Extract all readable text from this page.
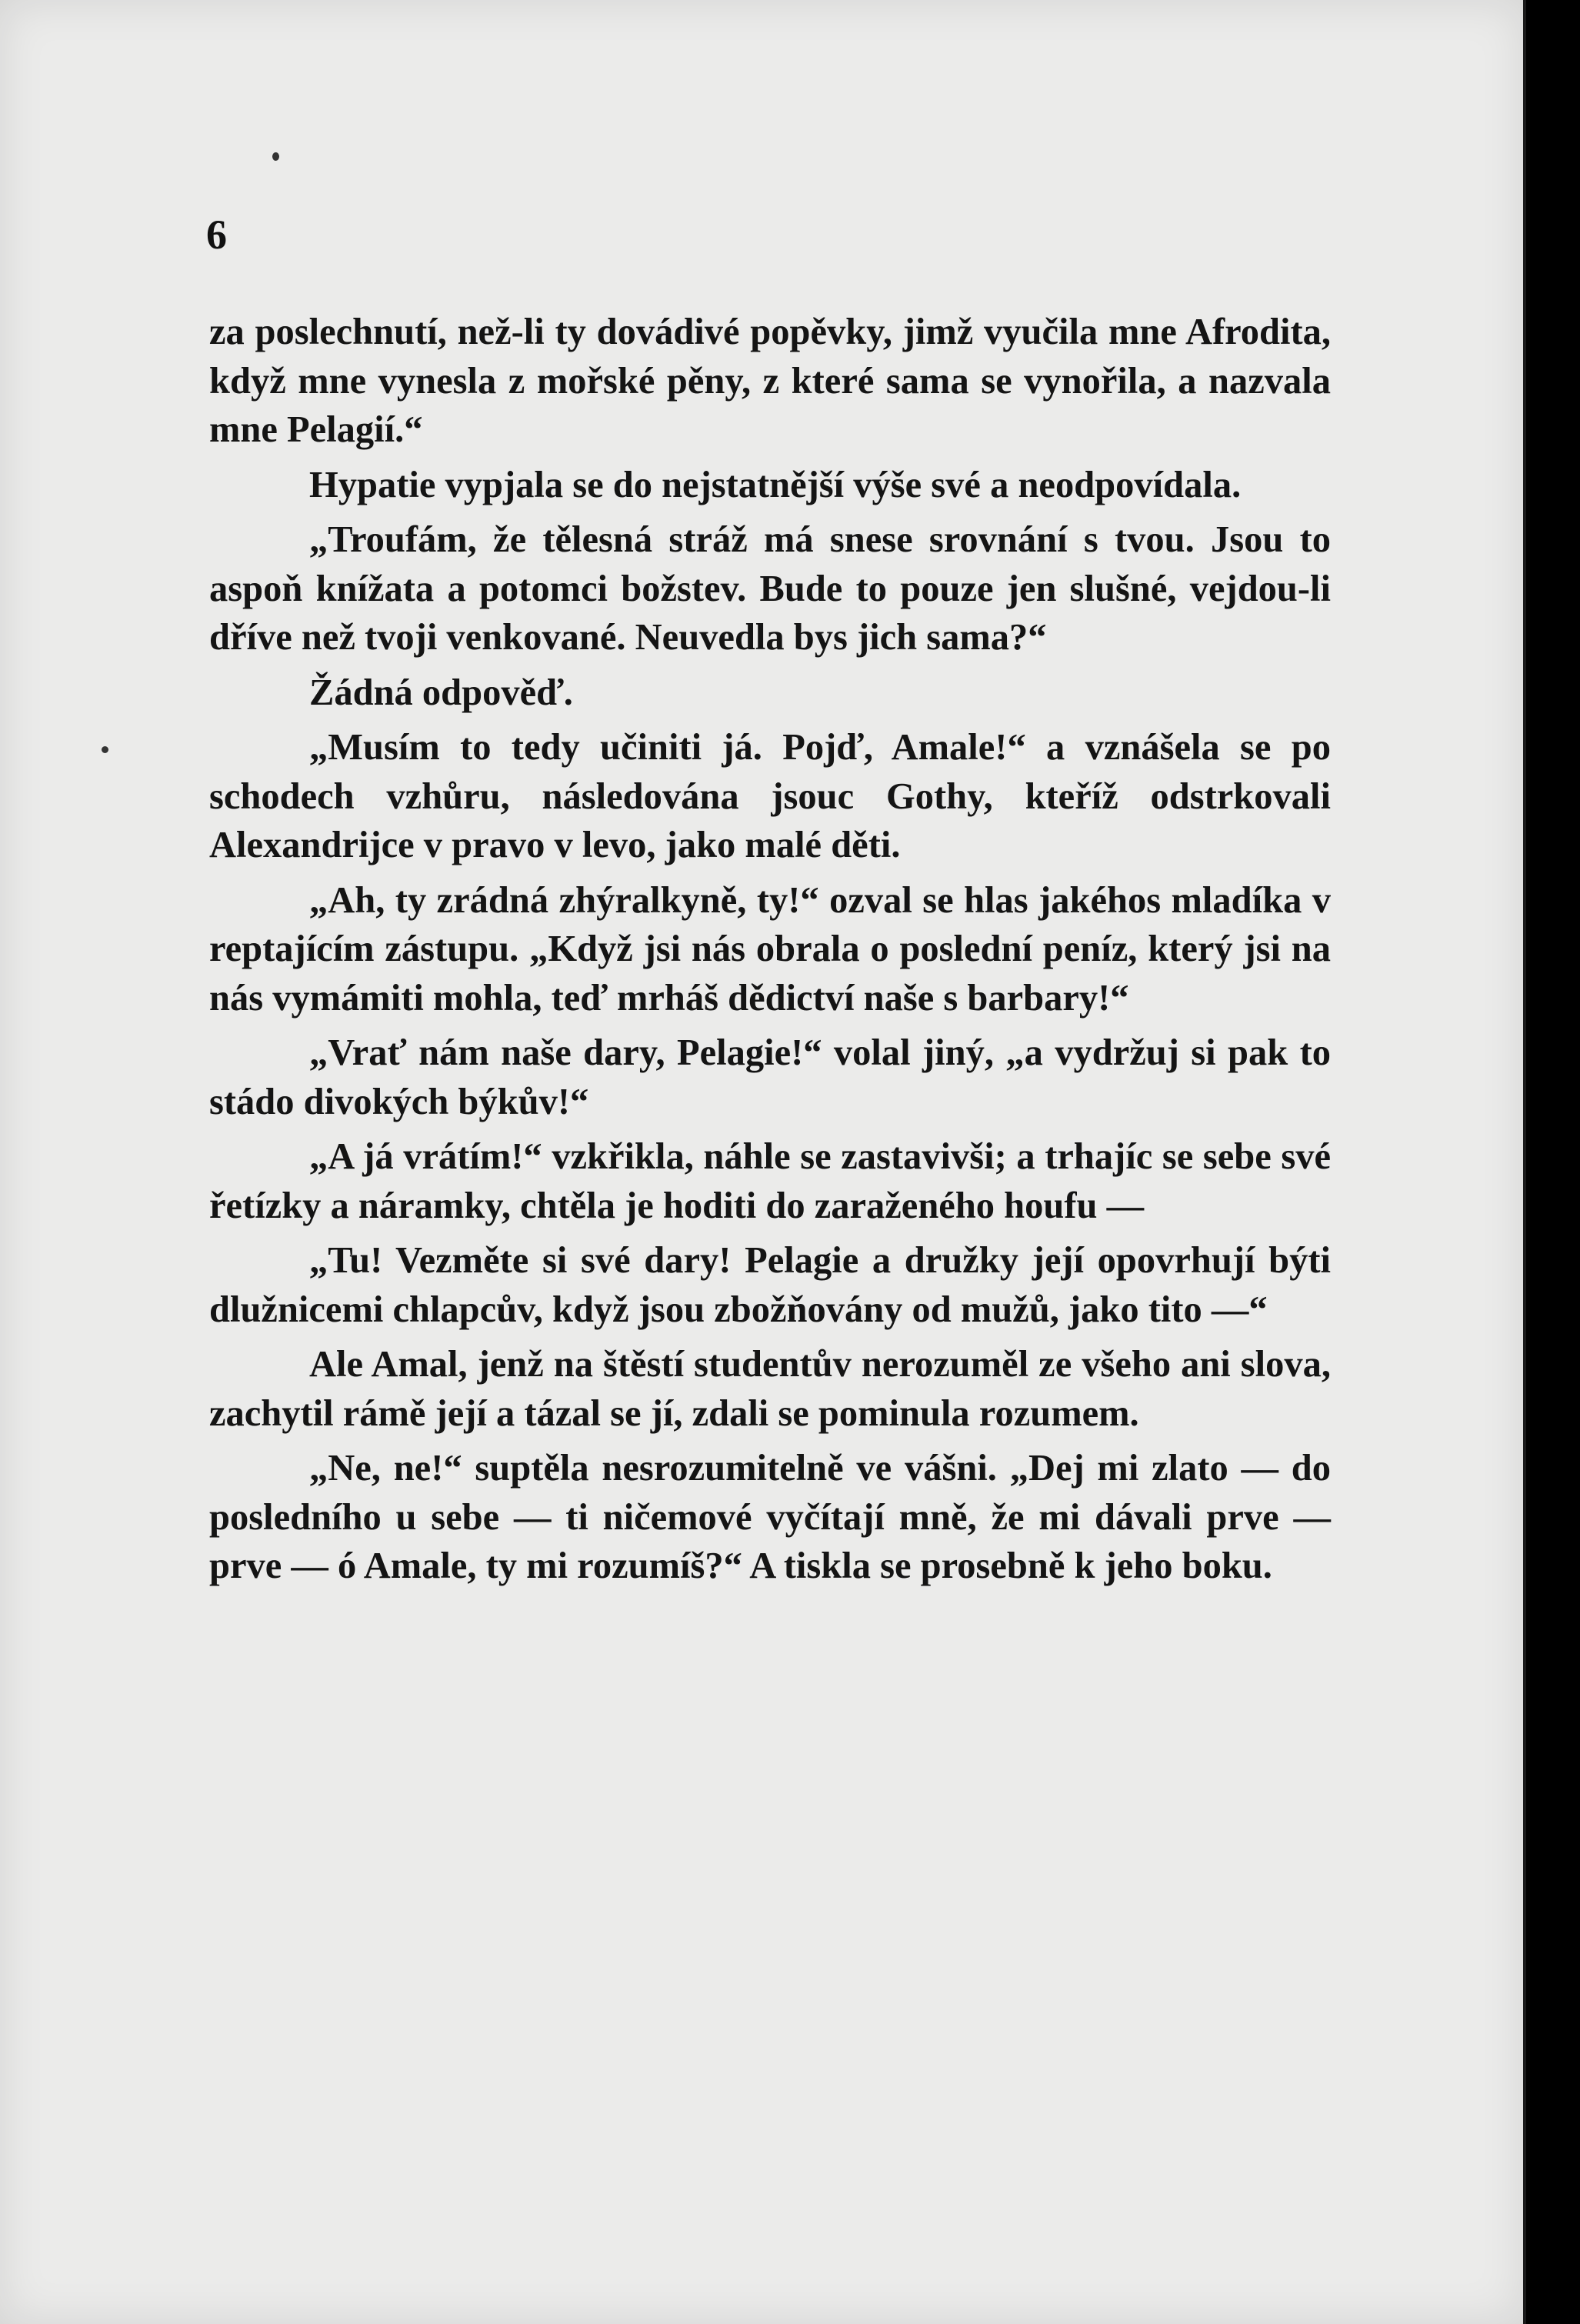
6

za poslechnutí, než-li ty dovádivé popěvky, jimž vyučila mne Afrodita, když mne vynesla z mořské pěny, z které sama se vynořila, a nazvala mne Pelagií.“

Hypatie vypjala se do nejstatnější výše své a neodpovídala.

„Troufám, že tělesná stráž má snese srovnání s tvou. Jsou to aspoň knížata a potomci božstev. Bude to pouze jen slušné, vejdou-li dříve než tvoji venkované. Neuvedla bys jich sama?“

Žádná odpověď.

„Musím to tedy učiniti já. Pojď, Amale!“ a vznášela se po schodech vzhůru, následována jsouc Gothy, kteříž odstrkovali Alexandrijce v pravo v levo, jako malé děti.

„Ah, ty zrádná zhýralkyně, ty!“ ozval se hlas jakéhos mladíka v reptajícím zástupu. „Když jsi nás obrala o poslední peníz, který jsi na nás vymámiti mohla, teď mrháš dědictví naše s barbary!“

„Vrať nám naše dary, Pelagie!“ volal jiný, „a vydržuj si pak to stádo divokých býkův!“

„A já vrátím!“ vzkřikla, náhle se zastavivši; a trhajíc se sebe své řetízky a náramky, chtěla je hoditi do zaraženého houfu —

„Tu! Vezměte si své dary! Pelagie a družky její opovrhují býti dlužnicemi chlapcův, když jsou zbožňovány od mužů, jako tito —“

Ale Amal, jenž na štěstí studentův nerozuměl ze všeho ani slova, zachytil rámě její a tázal se jí, zdali se pominula rozumem.

„Ne, ne!“ suptěla nesrozumitelně ve vášni. „Dej mi zlato — do posledního u sebe — ti ničemové vyčítají mně, že mi dávali prve — prve — ó Amale, ty mi rozumíš?“ A tiskla se prosebně k jeho boku.
